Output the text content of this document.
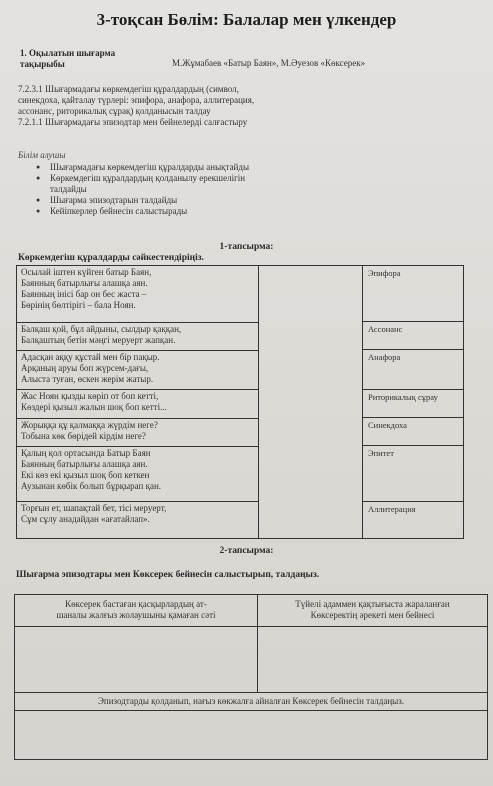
3-тоқсан Бөлім: Балалар мен үлкендер
1. Оқылатын шығарма
тақырыбы	М.Жұмабаев «Батыр Баян», М.Әуезов «Көксерек»
7.2.3.1 Шығармадағы көркемдегіш құралдардың (символ,
синекдоха, қайталау түрлері: эпифора, анафора, аллитерация,
ассонанс, риторикалық сұрақ) қолданысын талдау
7.2.1.1 Шығармадағы эпизодтар мен бейнелерді салғастыру
Білім алушы
● Шығармадағы көркемдегіш құралдарды анықтайды
● Көркемдегіш құралдардың қолданылу ерекшелігін
талдайды
● Шығарма эпизодтарын талдайды
● Кейіпкерлер бейнесін салыстырады
1-тапсырма:
Көркемдегіш құралдарды сәйкестендіріңіз.
Осылай іштен күйген батыр Баян,
Баянның батырлығы алашқа аян.
Баянның інісі бар он бес жаста –
Бөрінің бөлтірігі – бала Ноян.
Балқаш қой, бұл айдыны, сылдыр қаққан,
Балқаштың бетін мәңгі меруерт жапқан.
Адасқан аққу құстай мен бір пақыр.
Арқаның аруы боп жүрсем-дағы,
Алыста туған, өскен жерім жатыр.
Жас Ноян қызды көріп от боп кетті,
Көздері қызыл жалын шоқ боп кетті...
Жорыққа құ қалмаққа жүрдім неге?
Тобына көк бөрідей кірдім неге?
Қалың қол ортасында Батыр Баян
Баянның батырлығы алашқа аян.
Екі көз екі қызыл шоқ боп кеткен
Аузынан көбік болып бұрқырап қан.
Торғын ет, шапақтай бет, тісі меруерт,
Сұм сұлу анадайдан «ағатайлап».
Эпифора
Ассонанс
Анафора
Риторикалық сұрау
Синекдоха
Эпитет
Аллитерация
2-тапсырма:
Шығарма эпизодтары мен Көксерек бейнесін салыстырып, талдаңыз.
Көксерек бастаған қасқырлардың ат-
шаналы жалғыз жолаушыны қамаған сәті
Түйелі адаммен қақтығыста жараланған
Көксеректің әрекеті мен бейнесі
Эпизодтарды қолданып, нағыз көкжалға айналған Көксерек бейнесін талдаңыз.
